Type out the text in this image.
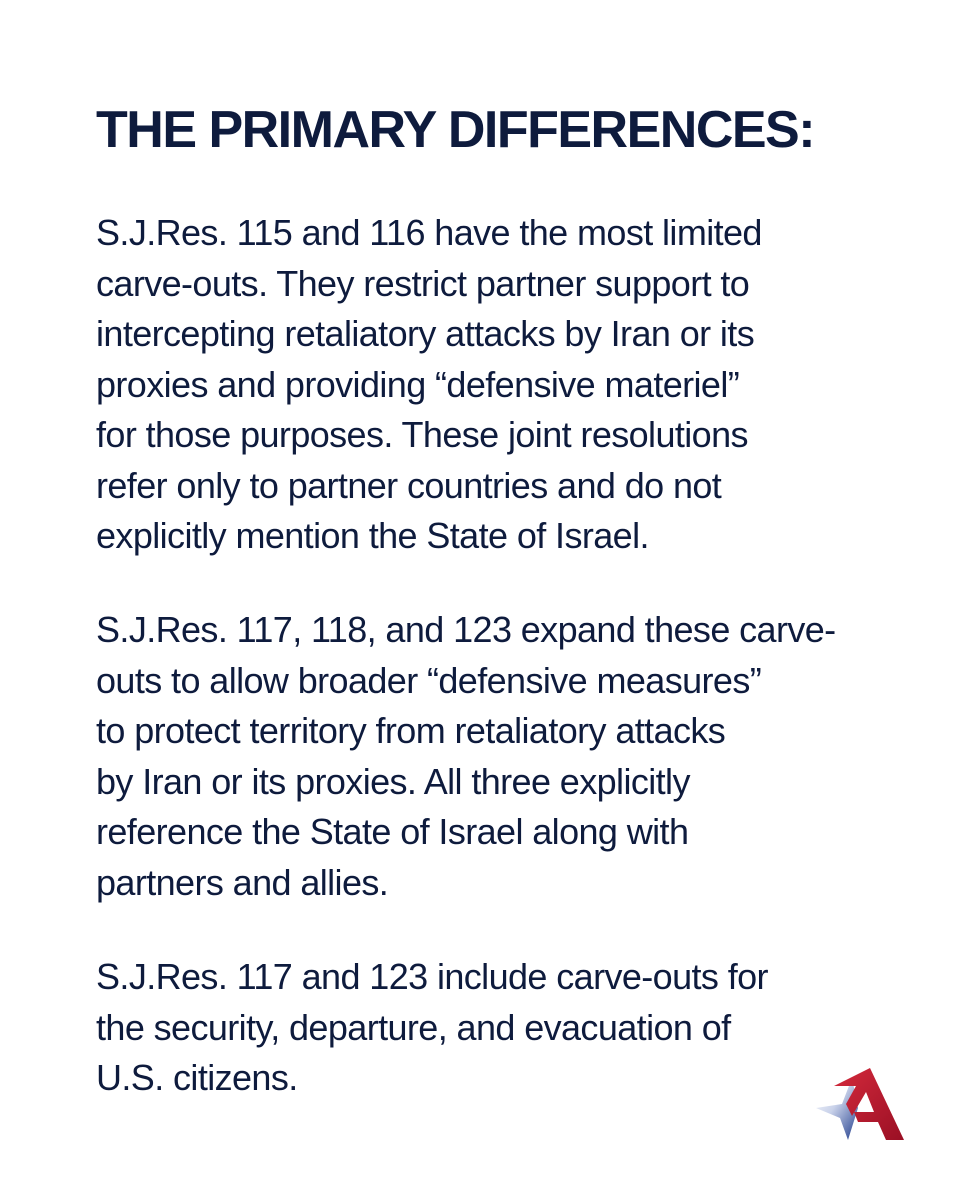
THE PRIMARY DIFFERENCES:

S.J.Res. 115 and 116 have the most limited
carve-outs. They restrict partner support to
intercepting retaliatory attacks by Iran or its
proxies and providing “defensive materiel”
for those purposes. These joint resolutions
refer only to partner countries and do not
explicitly mention the State of Israel.

S.J.Res. 117, 118, and 123 expand these carve-
outs to allow broader “defensive measures”
to protect territory from retaliatory attacks
by Iran or its proxies. All three explicitly
reference the State of Israel along with
partners and allies.

S.J.Res. 117 and 123 include carve-outs for
the security, departure, and evacuation of
U.S. citizens.
